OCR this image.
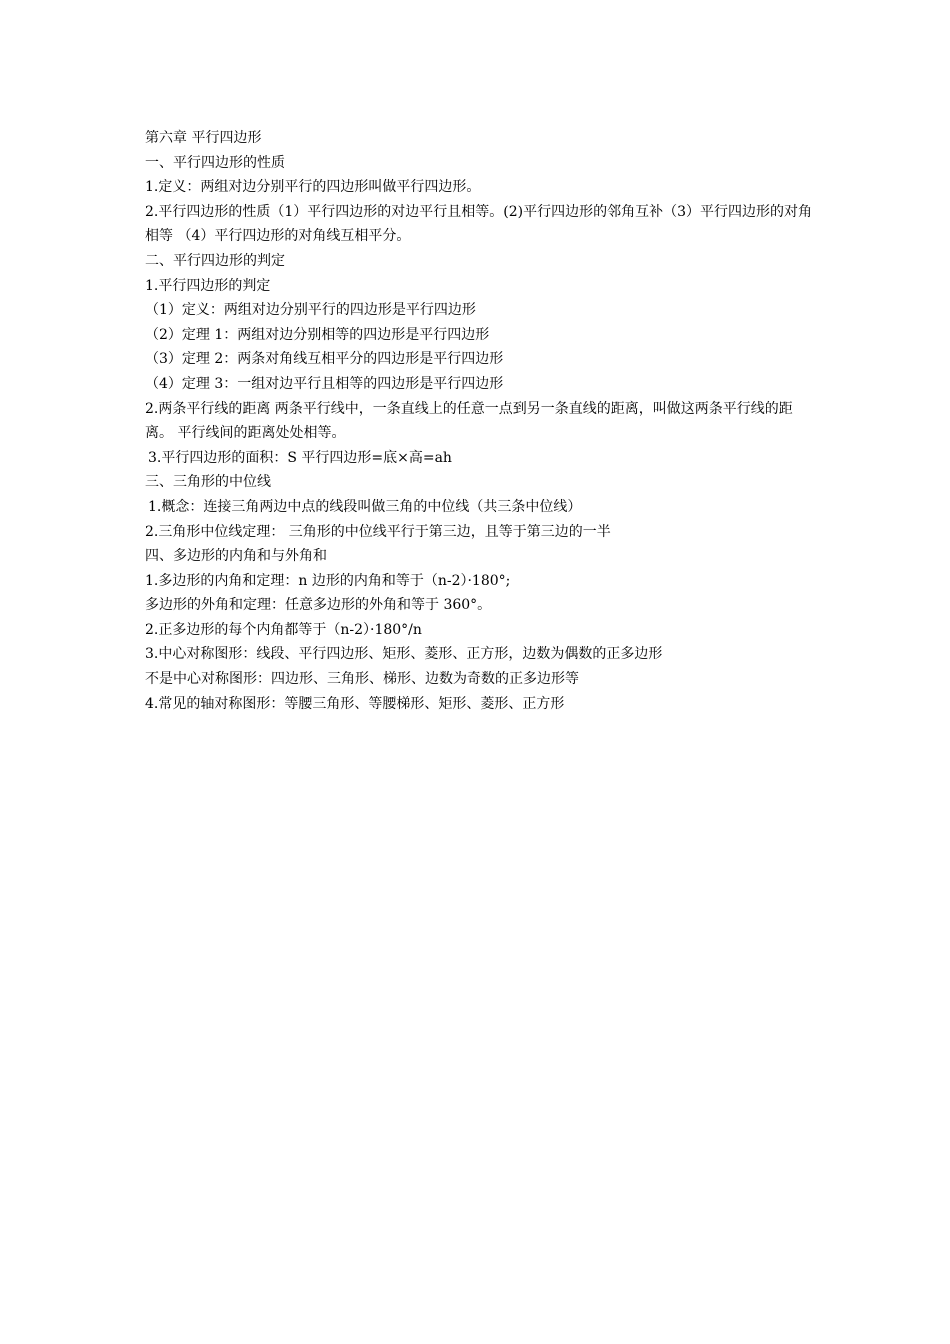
第六章 平行四边形
一、平行四边形的性质
1.定义：两组对边分别平行的四边形叫做平行四边形。
2.平行四边形的性质（1）平行四边形的对边平行且相等。(2)平行四边形的邻角互补（3）平行四边形的对角相等 （4）平行四边形的对角线互相平分。
二、平行四边形的判定
1.平行四边形的判定
（1）定义：两组对边分别平行的四边形是平行四边形
（2）定理 1：两组对边分别相等的四边形是平行四边形
（3）定理 2：两条对角线互相平分的四边形是平行四边形
（4）定理 3：一组对边平行且相等的四边形是平行四边形
2.两条平行线的距离 两条平行线中，一条直线上的任意一点到另一条直线的距离，叫做这两条平行线的距离。 平行线间的距离处处相等。
3.平行四边形的面积：S 平行四边形=底×高=ah
三、三角形的中位线
1.概念：连接三角两边中点的线段叫做三角的中位线（共三条中位线）
2.三角形中位线定理： 三角形的中位线平行于第三边，且等于第三边的一半
四、多边形的内角和与外角和
1.多边形的内角和定理：n 边形的内角和等于（n-2）·180°;
多边形的外角和定理：任意多边形的外角和等于 360°。
2.正多边形的每个内角都等于（n-2）·180°/n
3.中心对称图形：线段、平行四边形、矩形、菱形、正方形，边数为偶数的正多边形
不是中心对称图形：四边形、三角形、梯形、边数为奇数的正多边形等
4.常见的轴对称图形：等腰三角形、等腰梯形、矩形、菱形、正方形
